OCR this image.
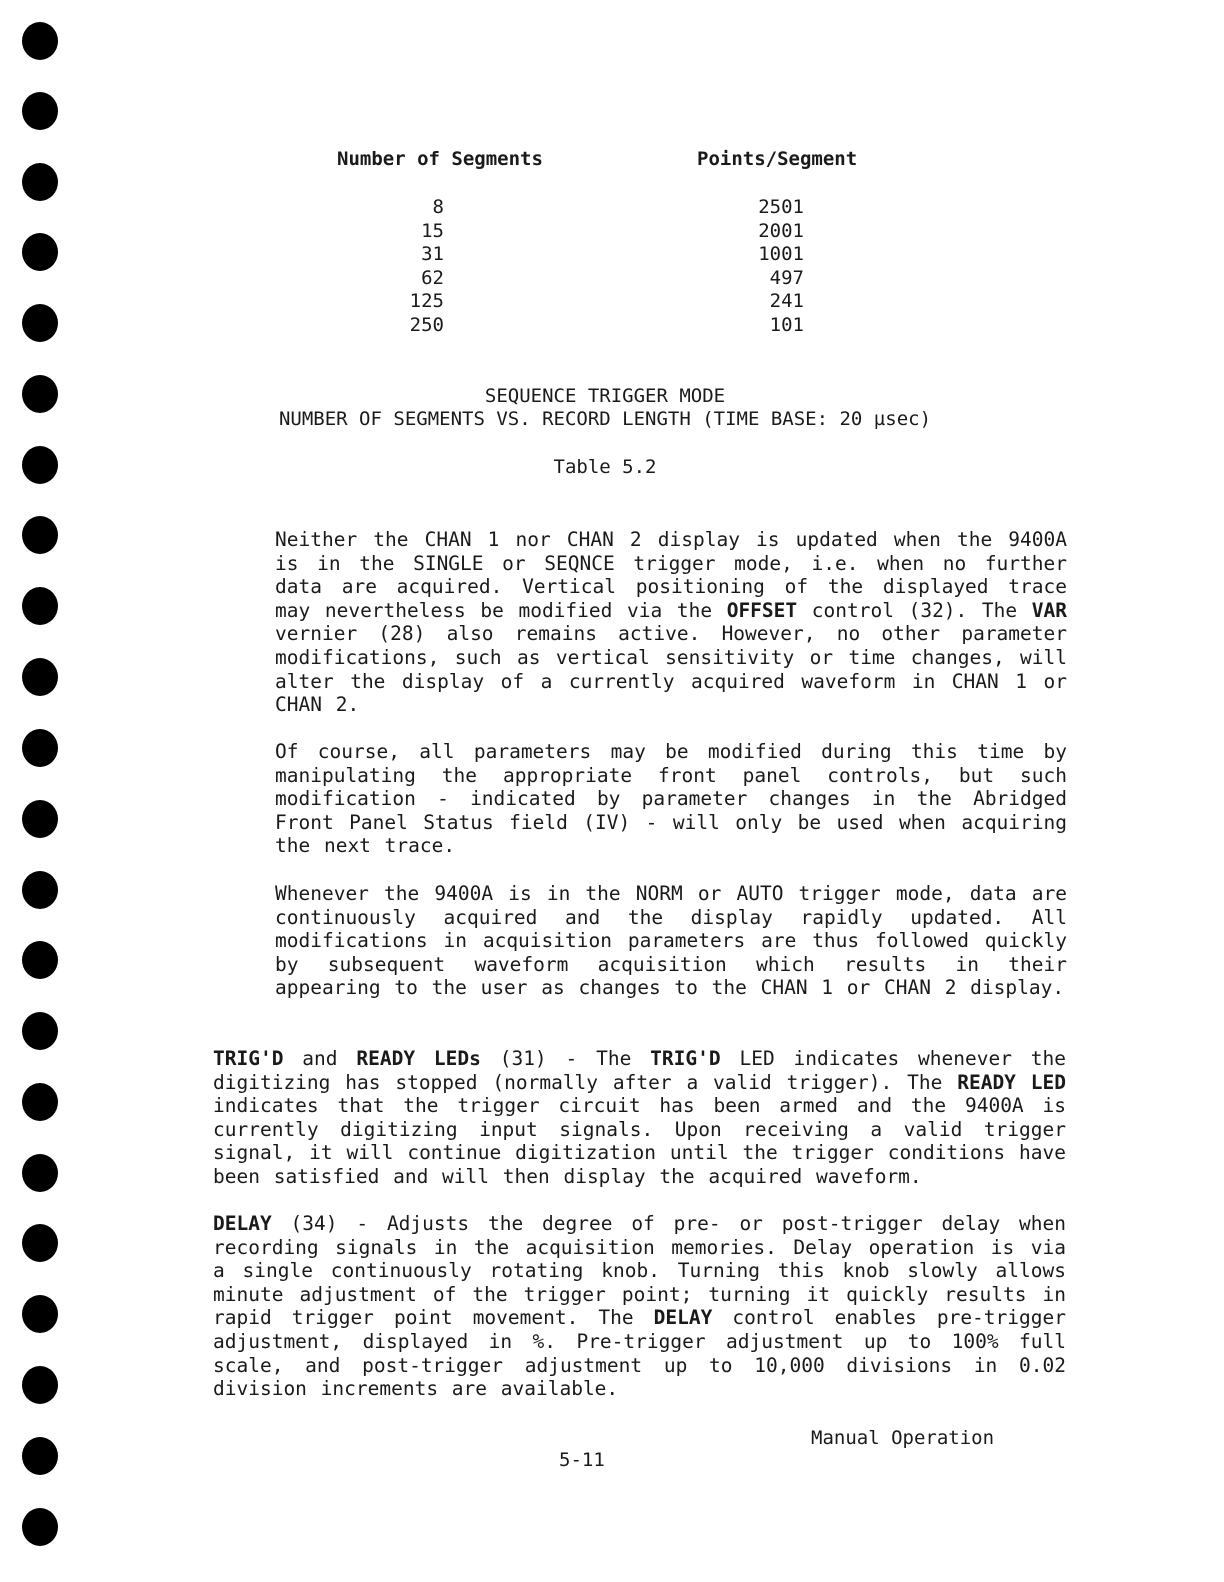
Number of Segments	Points/Segment
8
15
31
62
125
250
2501
2001
1001
497
241
101
SEQUENCE TRIGGER MODE
NUMBER OF SEGMENTS VS. RECORD LENGTH (TIME BASE: 20 µsec)
Table 5.2
Neither the CHAN 1 nor CHAN 2 display is updated when the 9400A is in the SINGLE or SEQNCE trigger mode, i.e. when no further data are acquired. Vertical positioning of the displayed trace may nevertheless be modified via the OFFSET control (32). The VAR vernier (28) also remains active. However, no other parameter modifications, such as vertical sensitivity or time changes, will alter the display of a currently acquired waveform in CHAN 1 or CHAN 2.
Of course, all parameters may be modified during this time by manipulating the appropriate front panel controls, but such modification - indicated by parameter changes in the Abridged Front Panel Status field (IV) - will only be used when acquiring the next trace.
Whenever the 9400A is in the NORM or AUTO trigger mode, data are continuously acquired and the display rapidly updated. All modifications in acquisition parameters are thus followed quickly by subsequent waveform acquisition which results in their appearing to the user as changes to the CHAN 1 or CHAN 2 display.
TRIG'D and READY LEDs (31) - The TRIG'D LED indicates whenever the digitizing has stopped (normally after a valid trigger). The READY LED indicates that the trigger circuit has been armed and the 9400A is currently digitizing input signals. Upon receiving a valid trigger signal, it will continue digitization until the trigger conditions have been satisfied and will then display the acquired waveform.
DELAY (34) - Adjusts the degree of pre- or post-trigger delay when recording signals in the acquisition memories. Delay operation is via a single continuously rotating knob. Turning this knob slowly allows minute adjustment of the trigger point; turning it quickly results in rapid trigger point movement. The DELAY control enables pre-trigger adjustment, displayed in %. Pre-trigger adjustment up to 100% full scale, and post-trigger adjustment up to 10,000 divisions in 0.02 division increments are available.
Manual Operation
5-11
